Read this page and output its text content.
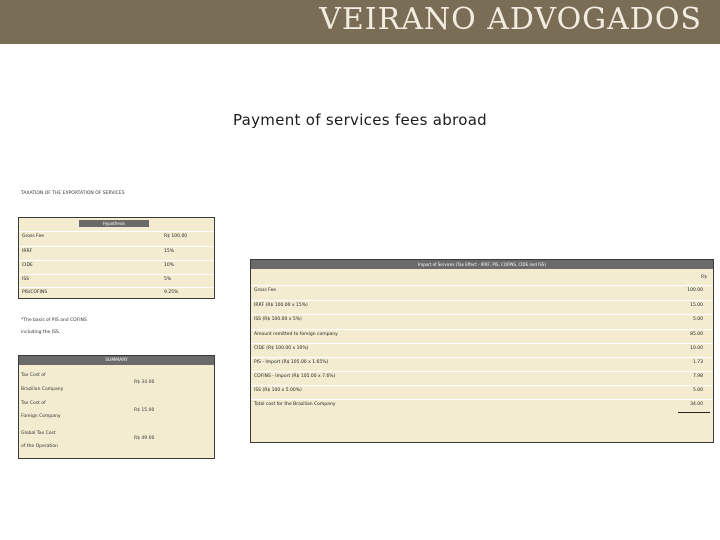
VEIRANO ADVOGADOS
Payment of services fees abroad
TAXATION OF THE EXPORTATION OF SERVICES
Hypothesis
Gross Fee	R$ 100.00
IRRF	15%
CIDE	10%
ISS	5%
PIS/COFINS	9.25%
*The basis of PIS and COFINS
including the ISS.
SUMMARY
Tax Cost of
Brazilian Company
R$ 34.00
Tax Cost of
Foreign Company
R$ 15.00
Global Tax Cost
of the Operation
R$ 49.00
Import of Services (Tax Effect - IRRF, PIS, COFINS, CIDE and ISS)
R$
Gross Fee	100.00
IRRF (R$ 100.00 x 15%)	15.00
ISS (R$ 100.00 x 5%)	5.00
Amount remitted to foreign company	85.00
CIDE (R$ 100.00 x 10%)	10.00
PIS - Import (R$ 105.00 x 1.65%)	1.73
COFINS - Import (R$ 105.00 x 7.6%)	7.98
ISS (R$ 100 x 5.00%)	5.00
Total cost for the Brazilian Company	34.00
